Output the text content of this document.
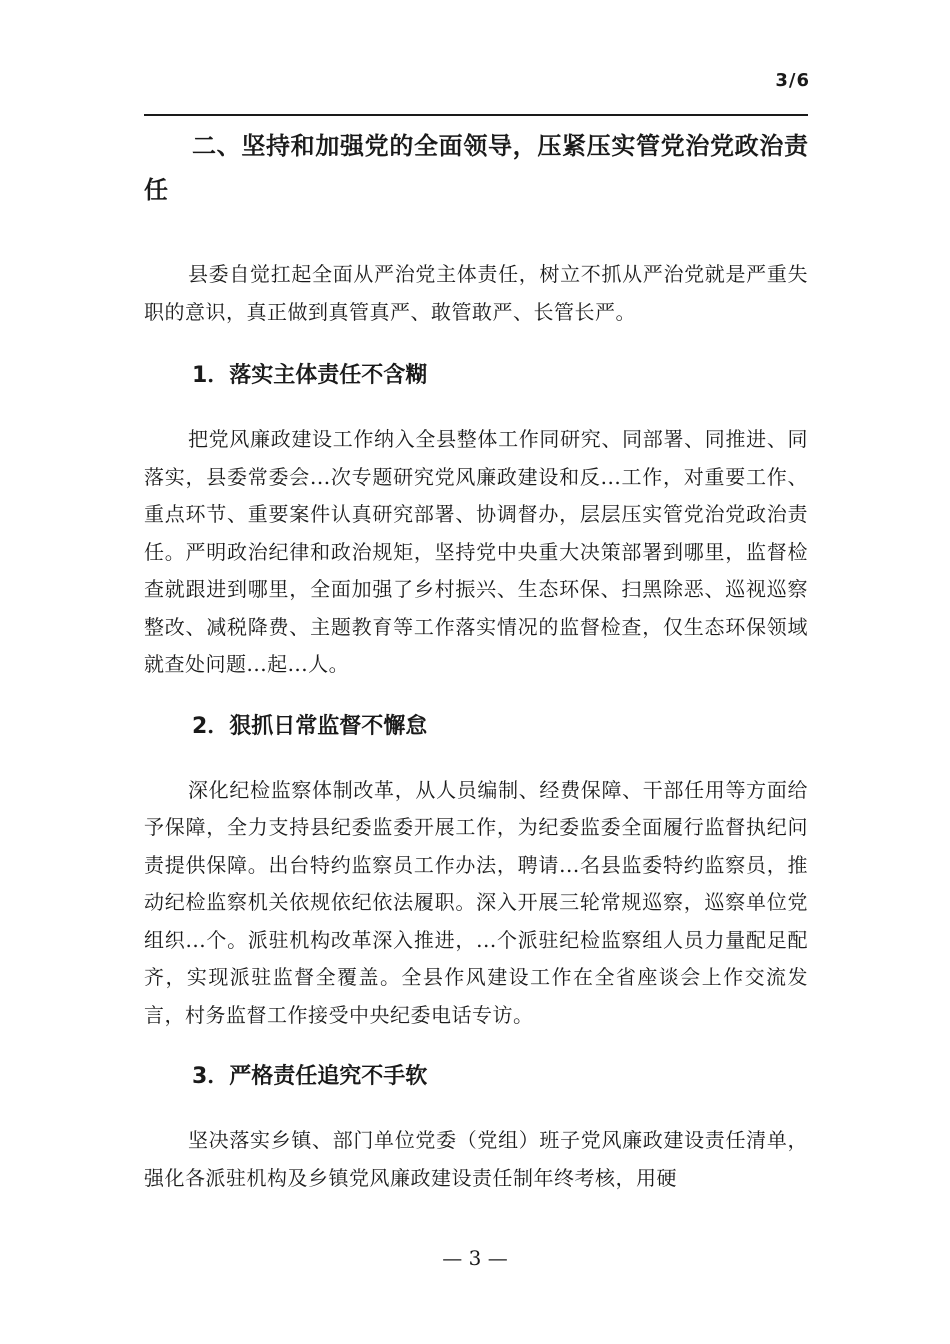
3/6

二、坚持和加强党的全面领导，压紧压实管党治党政治责任

县委自觉扛起全面从严治党主体责任，树立不抓从严治党就是严重失职的意识，真正做到真管真严、敢管敢严、长管长严。

1．落实主体责任不含糊

把党风廉政建设工作纳入全县整体工作同研究、同部署、同推进、同落实，县委常委会...次专题研究党风廉政建设和反...工作，对重要工作、重点环节、重要案件认真研究部署、协调督办，层层压实管党治党政治责任。严明政治纪律和政治规矩，坚持党中央重大决策部署到哪里，监督检查就跟进到哪里，全面加强了乡村振兴、生态环保、扫黑除恶、巡视巡察整改、减税降费、主题教育等工作落实情况的监督检查，仅生态环保领域就查处问题...起...人。

2．狠抓日常监督不懈怠

深化纪检监察体制改革，从人员编制、经费保障、干部任用等方面给予保障，全力支持县纪委监委开展工作，为纪委监委全面履行监督执纪问责提供保障。出台特约监察员工作办法，聘请...名县监委特约监察员，推动纪检监察机关依规依纪依法履职。深入开展三轮常规巡察，巡察单位党组织...个。派驻机构改革深入推进，...个派驻纪检监察组人员力量配足配齐，实现派驻监督全覆盖。全县作风建设工作在全省座谈会上作交流发言，村务监督工作接受中央纪委电话专访。

3．严格责任追究不手软

坚决落实乡镇、部门单位党委（党组）班子党风廉政建设责任清单，强化各派驻机构及乡镇党风廉政建设责任制年终考核，用硬

— 3 —
